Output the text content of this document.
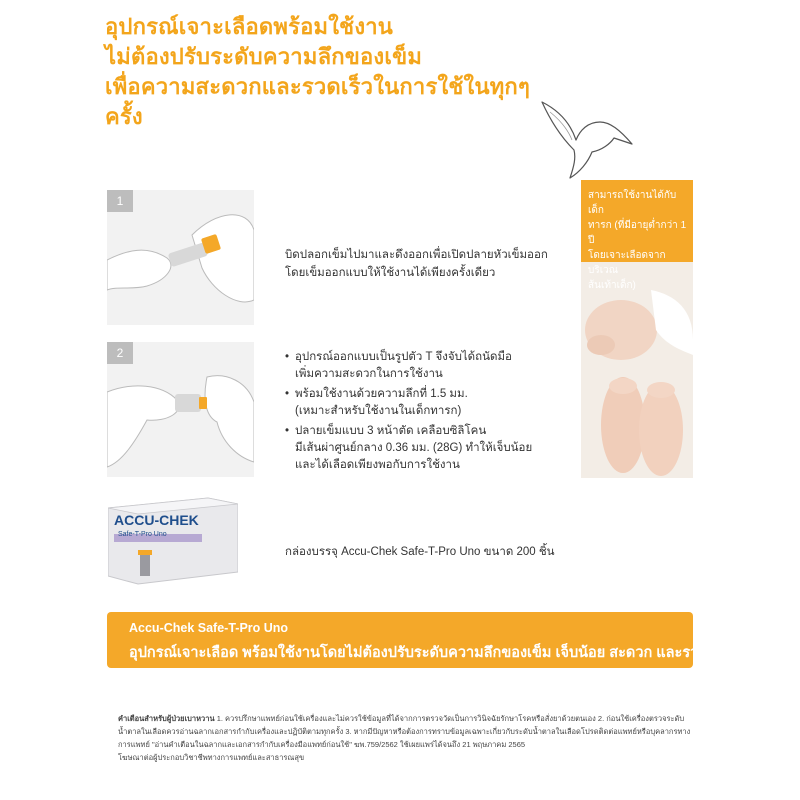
อุปกรณ์เจาะเลือดพร้อมใช้งาน
ไม่ต้องปรับระดับความลึกของเข็ม
เพื่อความสะดวกและรวดเร็วในการใช้ในทุกๆครั้ง
1
บิดปลอกเข็มไปมาและดึงออกเพื่อเปิดปลายหัวเข็มออก
โดยเข็มออกแบบให้ใช้งานได้เพียงครั้งเดียว
2
•	อุปกรณ์ออกแบบเป็นรูปตัว T จึงจับได้ถนัดมือ
เพิ่มความสะดวกในการใช้งาน
• พร้อมใช้งานด้วยความลึกที่ 1.5 มม.
(เหมาะสำหรับใช้งานในเด็กทารก)
• ปลายเข็มแบบ 3 หน้าตัด เคลือบซิลิโคน
มีเส้นผ่าศูนย์กลาง 0.36 มม. (28G) ทำให้เจ็บน้อย
และได้เลือดเพียงพอกับการใช้งาน
ACCU-CHEK
Safe-T-Pro Uno
กล่องบรรจุ Accu-Chek Safe-T-Pro Uno ขนาด 200 ชิ้น
สามารถใช้งานได้กับเด็ก
ทารก (ที่มีอายุต่ำกว่า 1 ปี
โดยเจาะเลือดจากบริเวณ
ส้นเท้าเด็ก)
Accu-Chek Safe-T-Pro Uno
อุปกรณ์เจาะเลือด พร้อมใช้งานโดยไม่ต้องปรับระดับความลึกของเข็ม เจ็บน้อย สะดวก และรวดเร็ว

คำเตือนสำหรับผู้ป่วยเบาหวาน 1. ควรปรึกษาแพทย์ก่อนใช้เครื่องและไม่ควรใช้ข้อมูลที่ได้จากการตรวจวัดเป็นการวินิจฉัยรักษาโรคหรือสั่งยาด้วยตนเอง 2. ก่อนใช้เครื่องตรวจระดับ

น้ำตาลในเลือดควรอ่านฉลากเอกสารกำกับเครื่องและปฏิบัติตามทุกครั้ง 3. หากมีปัญหาหรือต้องการทราบข้อมูลเฉพาะเกี่ยวกับระดับน้ำตาลในเลือดโปรดติดต่อแพทย์หรือบุคลากรทาง

การแพทย์ "อ่านคำเตือนในฉลากและเอกสารกำกับเครื่องมือแพทย์ก่อนใช้" ฆพ.759/2562 ใช้เผยแพร่ได้จนถึง 21 พฤษภาคม 2565

โฆษณาต่อผู้ประกอบวิชาชีพทางการแพทย์และสาธารณสุข
